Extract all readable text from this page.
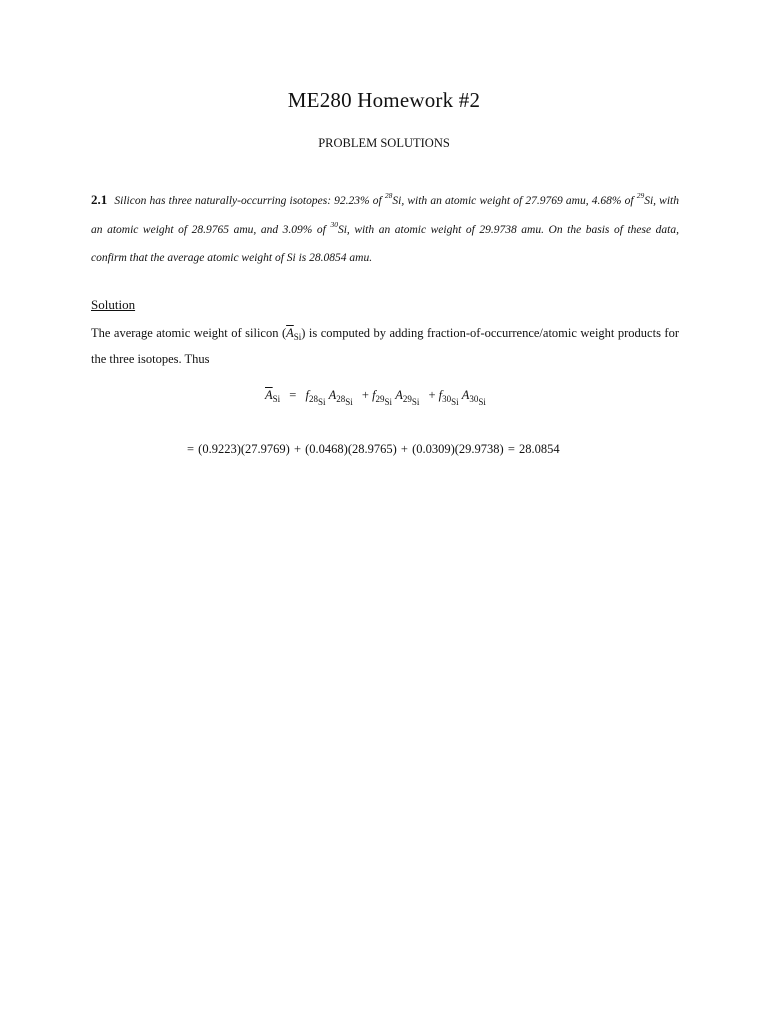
ME280 Homework #2
PROBLEM SOLUTIONS
2.1 Silicon has three naturally-occurring isotopes: 92.23% of $^{28}$Si, with an atomic weight of 27.9769 amu, 4.68% of $^{29}$Si, with an atomic weight of 28.9765 amu, and 3.09% of $^{30}$Si, with an atomic weight of 29.9738 amu. On the basis of these data, confirm that the average atomic weight of Si is 28.0854 amu.
Solution
The average atomic weight of silicon $(\overline{A}_{Si})$ is computed by adding fraction-of-occurrence/atomic weight products for the three isotopes. Thus
$\overline{A}_{Si} = f_{28Si}$ $A_{28Si} + f_{29Si}$ $A_{29Si} + f_{30Si}$ $A_{30Si}$
= (0.9223)(27.9769) + (0.0468)(28.9765) + (0.0309)(29.9738) = 28.0854
